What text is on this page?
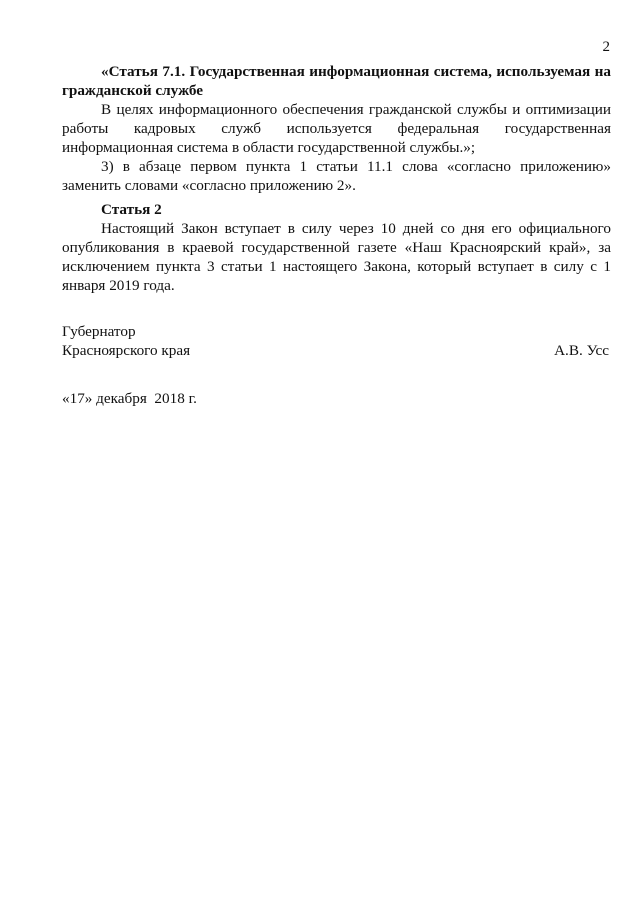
2

«Статья 7.1. Государственная информационная система, используемая на гражданской службе

В целях информационного обеспечения гражданской службы и оптимизации работы кадровых служб используется федеральная государственная информационная система в области государственной службы.»;

3) в абзаце первом пункта 1 статьи 11.1 слова «согласно приложению» заменить словами «согласно приложению 2».

Статья 2

Настоящий Закон вступает в силу через 10 дней со дня его официального опубликования в краевой государственной газете «Наш Красноярский край», за исключением пункта 3 статьи 1 настоящего Закона, который вступает в силу с 1 января 2019 года.

Губернатор

Красноярского края	А.В. Усс
«17» декабря  2018 г.
